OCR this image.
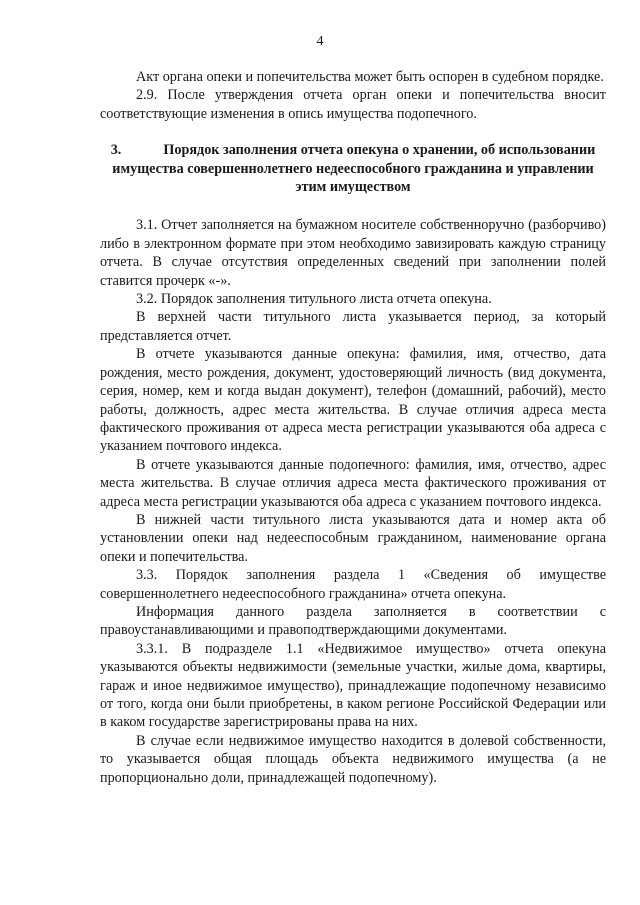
4

Акт органа опеки и попечительства может быть оспорен в судебном порядке.

2.9. После утверждения отчета орган опеки и попечительства вносит соответствующие изменения в опись имущества подопечного.

3.	Порядок заполнения отчета опекуна о хранении, об использовании имущества совершеннолетнего недееспособного гражданина и управлении этим имуществом

3.1. Отчет заполняется на бумажном носителе собственноручно (разборчиво) либо в электронном формате при этом необходимо завизировать каждую страницу отчета. В случае отсутствия определенных сведений при заполнении полей ставится прочерк «-».

3.2. Порядок заполнения титульного листа отчета опекуна.

В верхней части титульного листа указывается период, за который представляется отчет.

В отчете указываются данные опекуна: фамилия, имя, отчество, дата рождения, место рождения, документ, удостоверяющий личность (вид документа, серия, номер, кем и когда выдан документ), телефон (домашний, рабочий), место работы, должность, адрес места жительства. В случае отличия адреса места фактического проживания от адреса места регистрации указываются оба адреса с указанием почтового индекса.

В отчете указываются данные подопечного: фамилия, имя, отчество, адрес места жительства. В случае отличия адреса места фактического проживания от адреса места регистрации указываются оба адреса с указанием почтового индекса.

В нижней части титульного листа указываются дата и номер акта об установлении опеки над недееспособным гражданином, наименование органа опеки и попечительства.

3.3. Порядок заполнения раздела 1 «Сведения об имуществе совершеннолетнего недееспособного гражданина» отчета опекуна.

Информация данного раздела заполняется в соответствии с правоустанавливающими и правоподтверждающими документами.

3.3.1. В подразделе 1.1 «Недвижимое имущество» отчета опекуна указываются объекты недвижимости (земельные участки, жилые дома, квартиры, гараж и иное недвижимое имущество), принадлежащие подопечному независимо от того, когда они были приобретены, в каком регионе Российской Федерации или в каком государстве зарегистрированы права на них.

В случае если недвижимое имущество находится в долевой собственности, то указывается общая площадь объекта недвижимого имущества (а не пропорционально доли, принадлежащей подопечному).
